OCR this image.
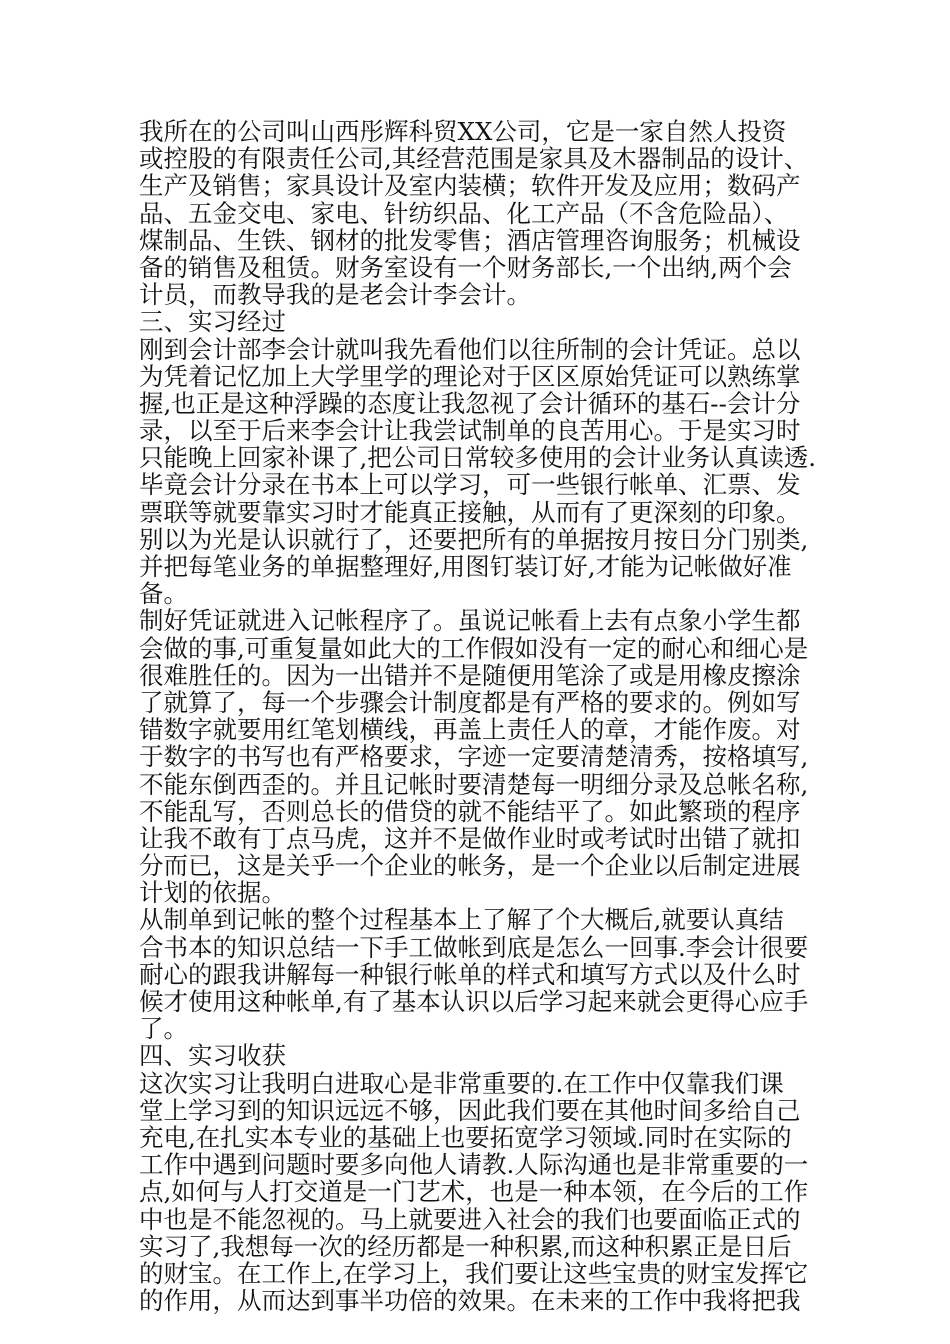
我所在的公司叫山西彤辉科贸XX公司，它是一家自然人投资
或控股的有限责任公司,其经营范围是家具及木器制品的设计、
生产及销售；家具设计及室内装横；软件开发及应用；数码产
品、五金交电、家电、针纺织品、化工产品（不含危险品）、
煤制品、生铁、钢材的批发零售；酒店管理咨询服务；机械设
备的销售及租赁。财务室设有一个财务部长,一个出纳,两个会
计员，而教导我的是老会计李会计。
三、实习经过
刚到会计部李会计就叫我先看他们以往所制的会计凭证。总以
为凭着记忆加上大学里学的理论对于区区原始凭证可以熟练掌
握,也正是这种浮躁的态度让我忽视了会计循环的基石--会计分
录，以至于后来李会计让我尝试制单的良苦用心。于是实习时
只能晚上回家补课了,把公司日常较多使用的会计业务认真读透.
毕竟会计分录在书本上可以学习，可一些银行帐单、汇票、发
票联等就要靠实习时才能真正接触，从而有了更深刻的印象。
别以为光是认识就行了，还要把所有的单据按月按日分门别类,
并把每笔业务的单据整理好,用图钉装订好,才能为记帐做好准
备。
制好凭证就进入记帐程序了。虽说记帐看上去有点象小学生都
会做的事,可重复量如此大的工作假如没有一定的耐心和细心是
很难胜任的。因为一出错并不是随便用笔涂了或是用橡皮擦涂
了就算了，每一个步骤会计制度都是有严格的要求的。例如写
错数字就要用红笔划横线，再盖上责任人的章，才能作废。对
于数字的书写也有严格要求，字迹一定要清楚清秀，按格填写,
不能东倒西歪的。并且记帐时要清楚每一明细分录及总帐名称,
不能乱写，否则总长的借贷的就不能结平了。如此繁琐的程序
让我不敢有丁点马虎，这并不是做作业时或考试时出错了就扣
分而已，这是关乎一个企业的帐务，是一个企业以后制定进展
计划的依据。
从制单到记帐的整个过程基本上了解了个大概后,就要认真结
合书本的知识总结一下手工做帐到底是怎么一回事.李会计很要
耐心的跟我讲解每一种银行帐单的样式和填写方式以及什么时
候才使用这种帐单,有了基本认识以后学习起来就会更得心应手
了。
四、实习收获
这次实习让我明白进取心是非常重要的.在工作中仅靠我们课
堂上学习到的知识远远不够，因此我们要在其他时间多给自己
充电,在扎实本专业的基础上也要拓宽学习领域.同时在实际的
工作中遇到问题时要多向他人请教.人际沟通也是非常重要的一
点,如何与人打交道是一门艺术，也是一种本领，在今后的工作
中也是不能忽视的。马上就要进入社会的我们也要面临正式的
实习了,我想每一次的经历都是一种积累,而这种积累正是日后
的财宝。在工作上,在学习上，我们要让这些宝贵的财宝发挥它
的作用，从而达到事半功倍的效果。在未来的工作中我将把我
